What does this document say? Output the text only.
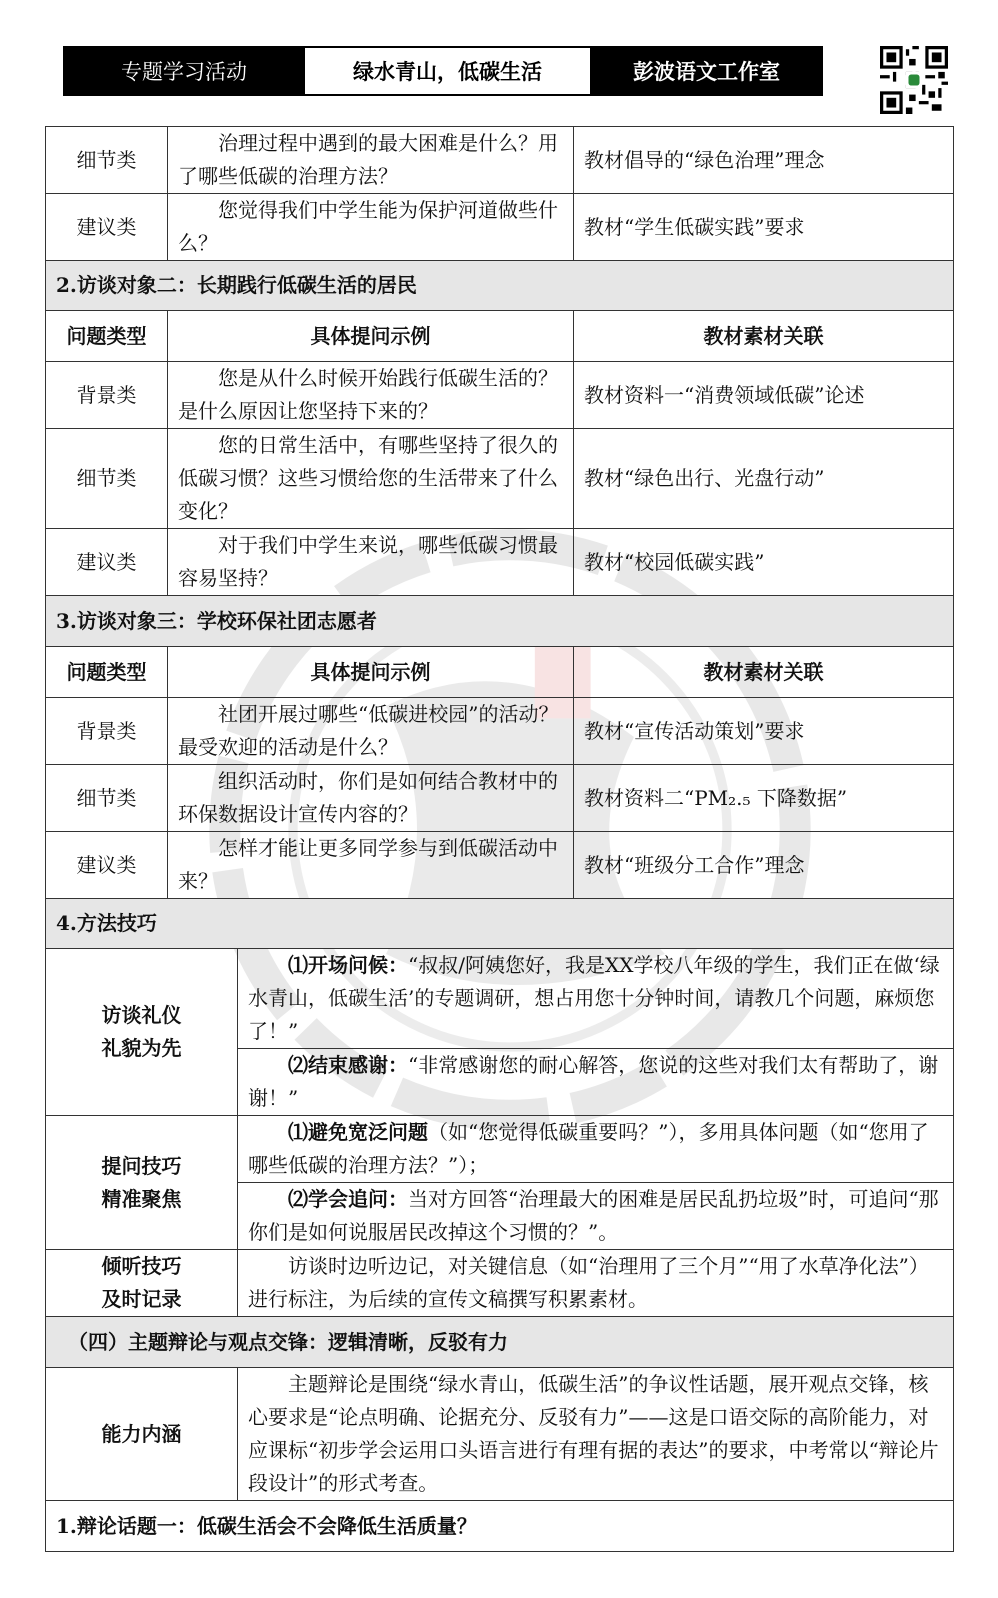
专题学习活动	绿水青山，低碳生活	彭波语文工作室
细节类	治理过程中遇到的最大困难是什么？用了哪些低碳的治理方法？		教材倡导的“绿色治理”理念
建议类	您觉得我们中学生能为保护河道做些什么？		教材“学生低碳实践”要求
2.访谈对象二：长期践行低碳生活的居民			
问题类型	具体提问示例		教材素材关联
背景类	您是从什么时候开始践行低碳生活的？是什么原因让您坚持下来的？		教材资料一“消费领域低碳”论述
细节类	您的日常生活中，有哪些坚持了很久的低碳习惯？这些习惯给您的生活带来了什么变化？		教材“绿色出行、光盘行动”
建议类	对于我们中学生来说，哪些低碳习惯最容易坚持？		教材“校园低碳实践”
3.访谈对象三：学校环保社团志愿者			
问题类型	具体提问示例		教材素材关联
背景类	社团开展过哪些“低碳进校园”的活动？最受欢迎的活动是什么？		教材“宣传活动策划”要求
细节类	组织活动时，你们是如何结合教材中的环保数据设计宣传内容的？		教材资料二“PM₂.₅ 下降数据”
建议类	怎样才能让更多同学参与到低碳活动中来？		教材“班级分工合作”理念
4.方法技巧			

访谈礼仪
礼貌为先		⑴开场问候：“叔叔/阿姨您好，我是XX学校八年级的学生，我们正在做‘绿水青山，低碳生活’的专题调研，想占用您十分钟时间，请教几个问题，麻烦您了！”	
		⑵结束感谢：“非常感谢您的耐心解答，您说的这些对我们太有帮助了，谢谢！”	

提问技巧
精准聚焦		⑴避免宽泛问题（如“您觉得低碳重要吗？”），多用具体问题（如“您用了哪些低碳的治理方法？”）；	
		⑵学会追问：当对方回答“治理最大的困难是居民乱扔垃圾”时，可追问“那你们是如何说服居民改掉这个习惯的？”。	

倾听技巧
及时记录		访谈时边听边记，对关键信息（如“治理用了三个月”“用了水草净化法”）进行标注，为后续的宣传文稿撰写积累素材。	
（四）主题辩论与观点交锋：逻辑清晰，反驳有力			
能力内涵		主题辩论是围绕“绿水青山，低碳生活”的争议性话题，展开观点交锋，核心要求是“论点明确、论据充分、反驳有力”——这是口语交际的高阶能力，对应课标“初步学会运用口头语言进行有理有据的表达”的要求，中考常以“辩论片段设计”的形式考查。	
1.辩论话题一：低碳生活会不会降低生活质量？			
